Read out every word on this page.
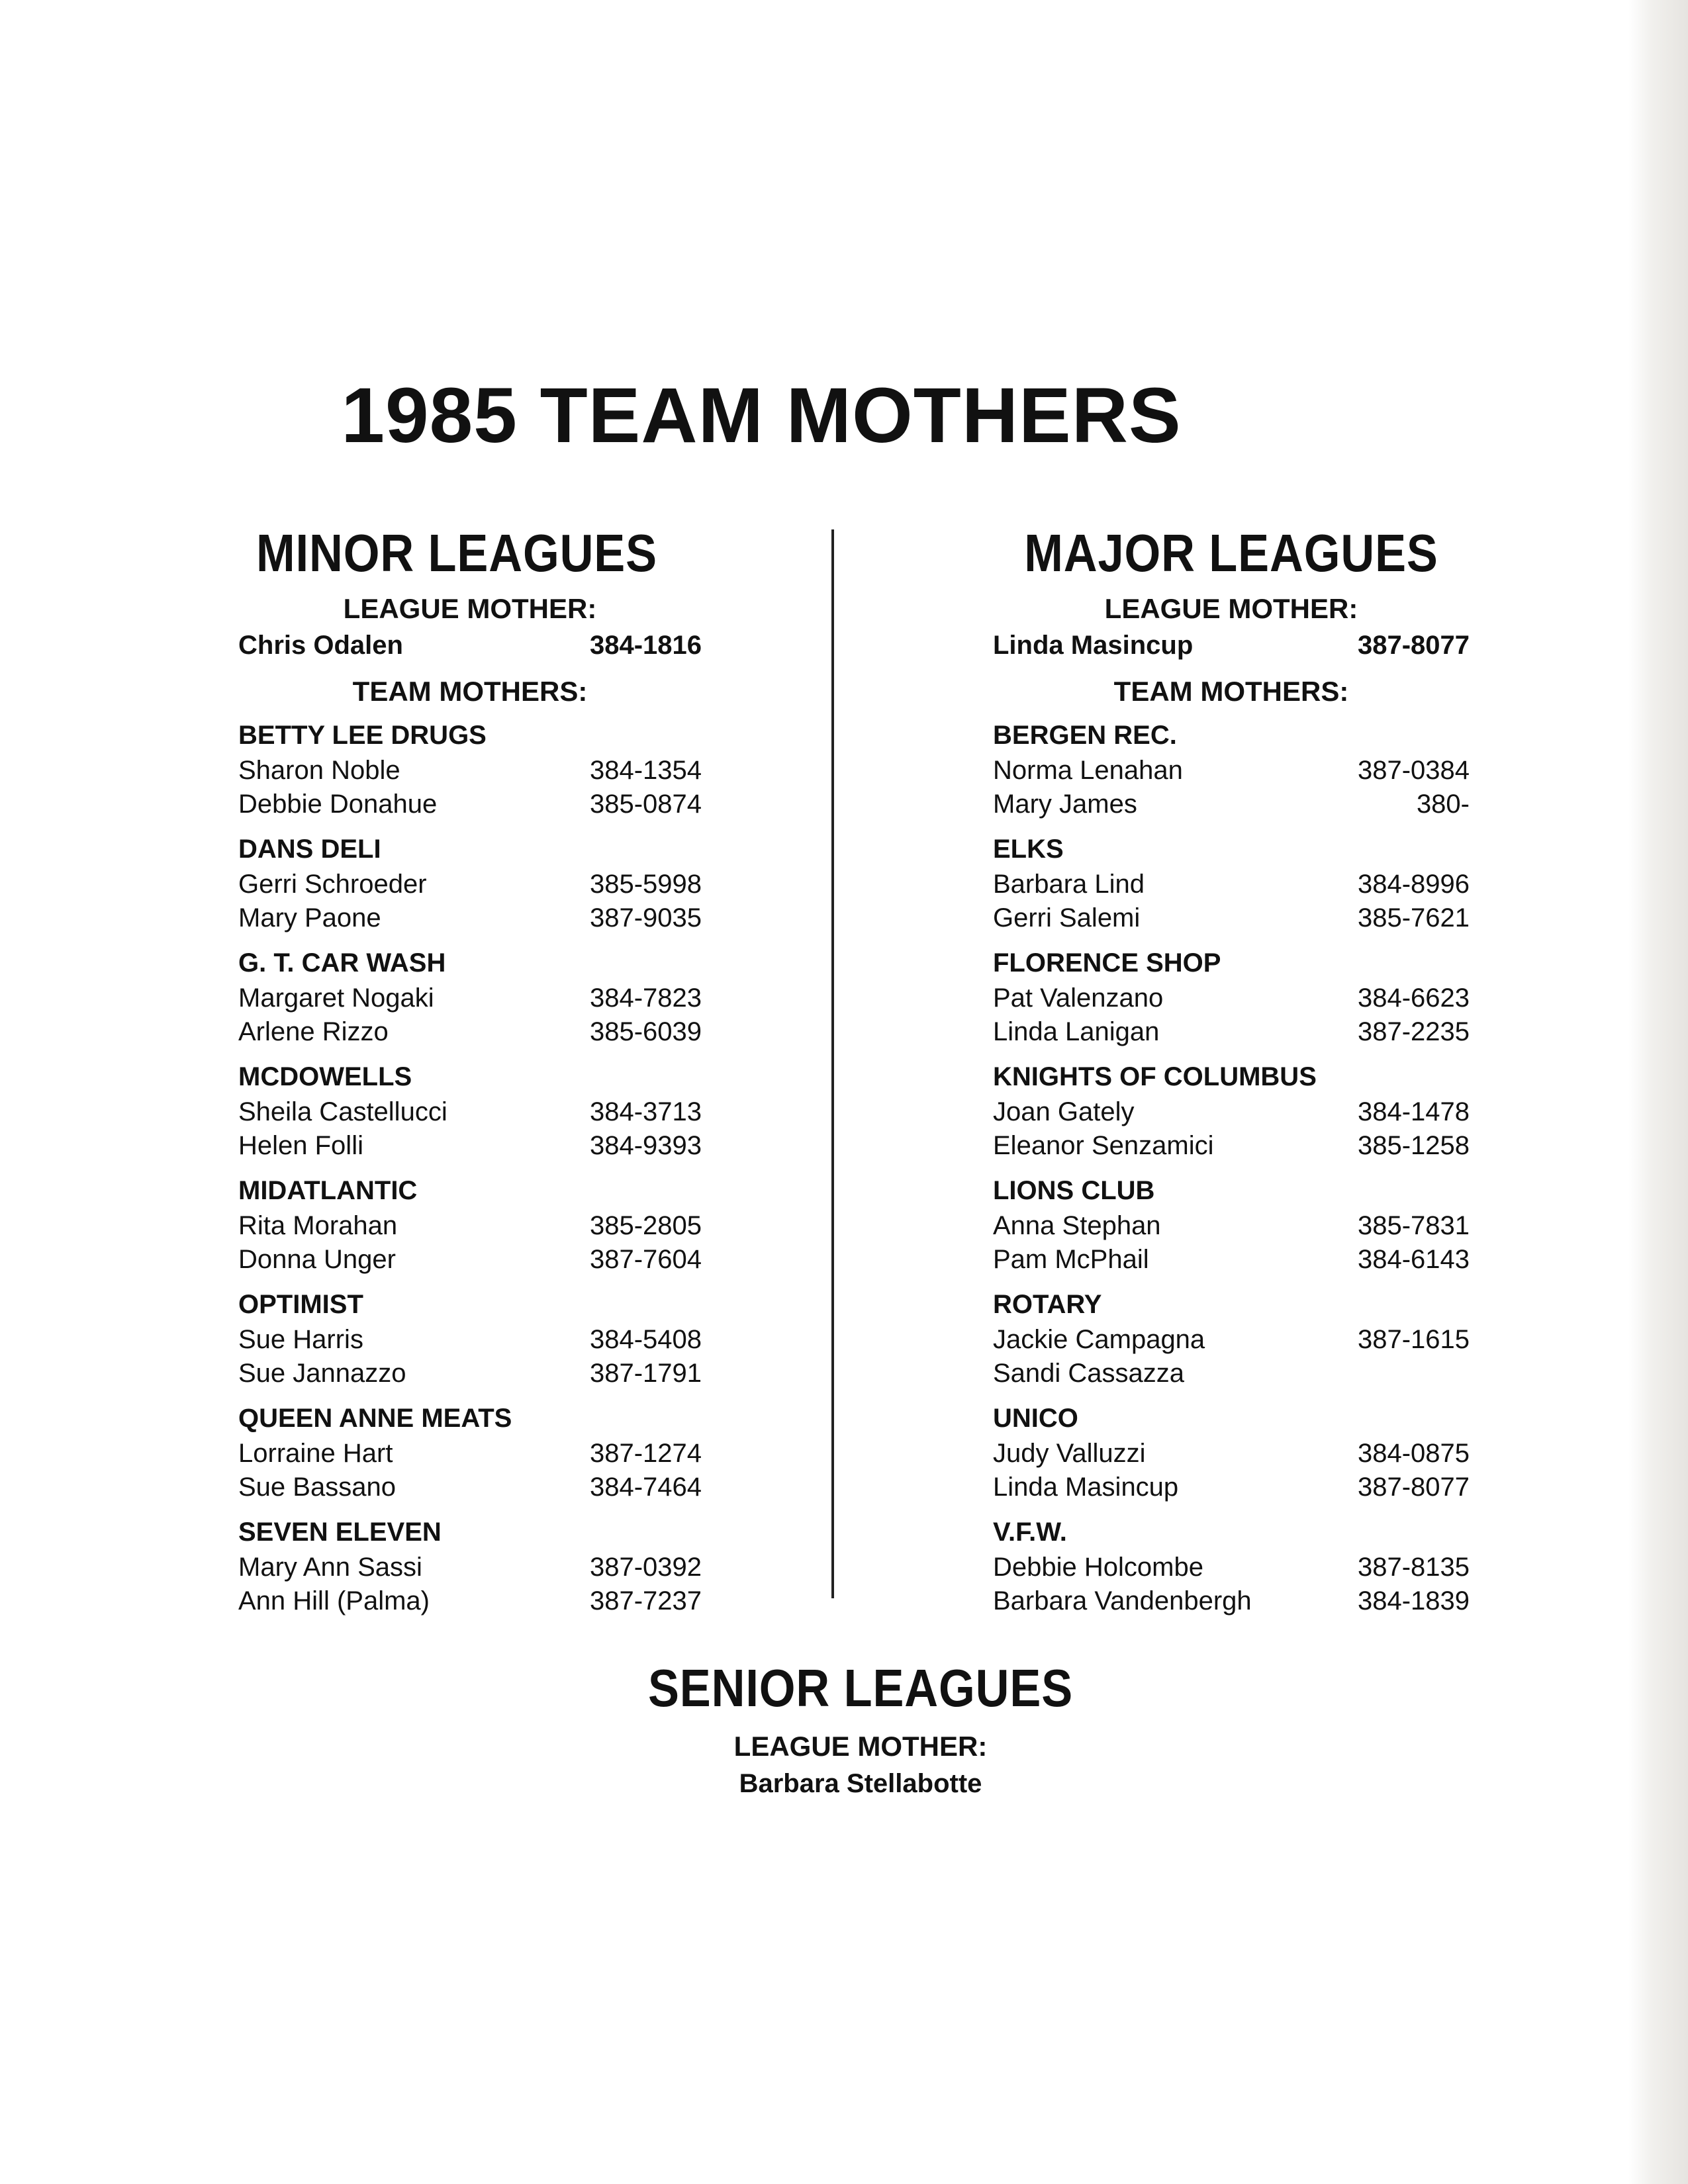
1985 TEAM MOTHERS
MINOR LEAGUES
LEAGUE MOTHER:
Chris Odalen	384-1816
TEAM MOTHERS:
BETTY LEE DRUGS
Sharon Noble	384-1354
Debbie Donahue	385-0874
DANS DELI
Gerri Schroeder	385-5998
Mary Paone	387-9035
G. T. CAR WASH
Margaret Nogaki	384-7823
Arlene Rizzo	385-6039
MCDOWELLS
Sheila Castellucci	384-3713
Helen Folli	384-9393
MIDATLANTIC
Rita Morahan	385-2805
Donna Unger	387-7604
OPTIMIST
Sue Harris	384-5408
Sue Jannazzo	387-1791
QUEEN ANNE MEATS
Lorraine Hart	387-1274
Sue Bassano	384-7464
SEVEN ELEVEN
Mary Ann Sassi	387-0392
Ann Hill (Palma)	387-7237
MAJOR LEAGUES
LEAGUE MOTHER:
Linda Masincup	387-8077
TEAM MOTHERS:
BERGEN REC.
Norma Lenahan	387-0384
Mary James	380-
ELKS
Barbara Lind	384-8996
Gerri Salemi	385-7621
FLORENCE SHOP
Pat Valenzano	384-6623
Linda Lanigan	387-2235
KNIGHTS OF COLUMBUS
Joan Gately	384-1478
Eleanor Senzamici	385-1258
LIONS CLUB
Anna Stephan	385-7831
Pam McPhail	384-6143
ROTARY
Jackie Campagna	387-1615
Sandi Cassazza
UNICO
Judy Valluzzi	384-0875
Linda Masincup	387-8077
V.F.W.
Debbie Holcombe	387-8135
Barbara Vandenbergh	384-1839
SENIOR LEAGUES
LEAGUE MOTHER:
Barbara Stellabotte
